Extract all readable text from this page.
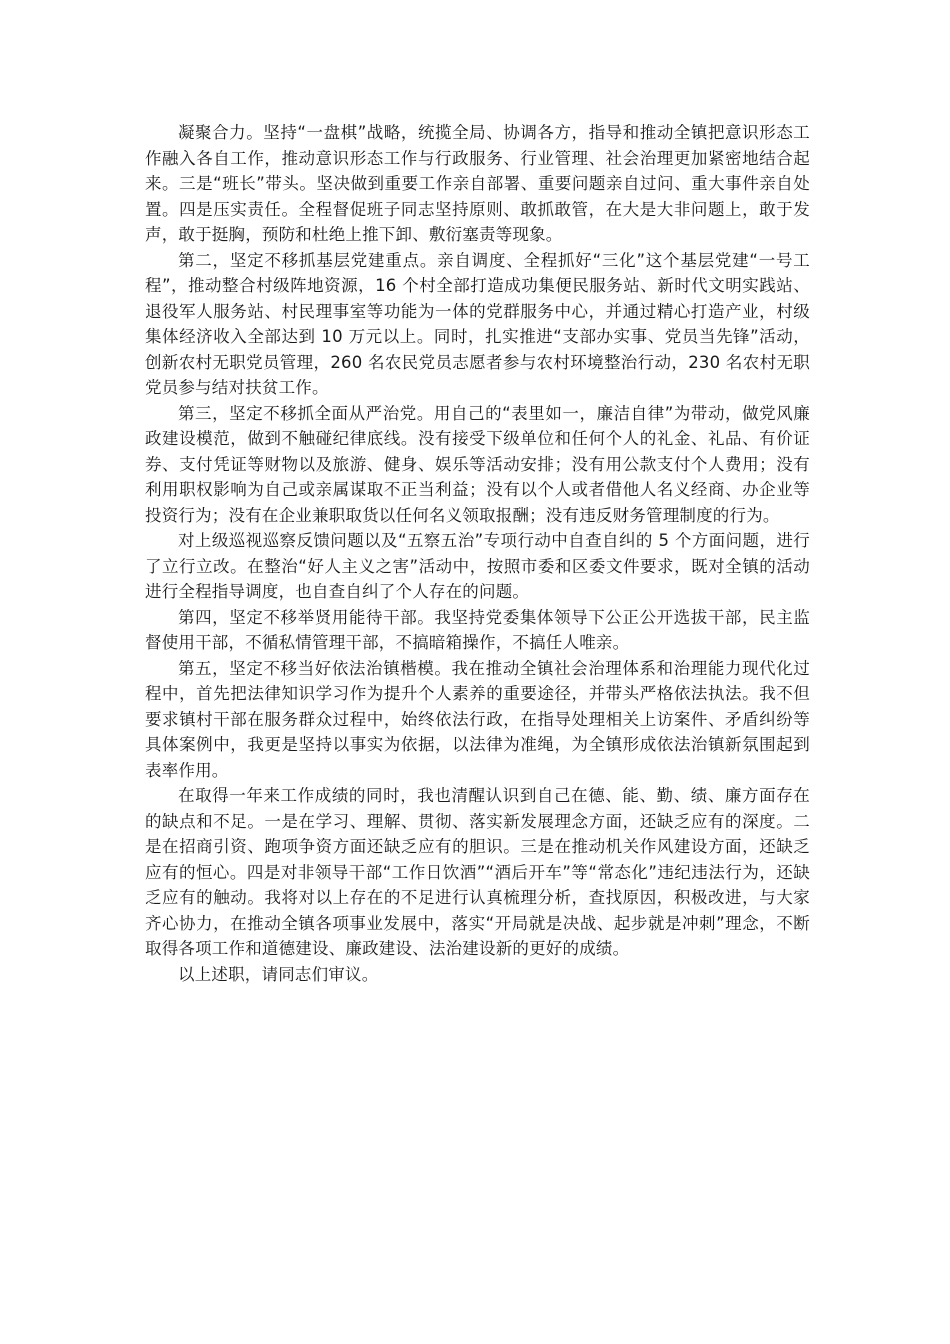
凝聚合力。坚持“一盘棋”战略，统揽全局、协调各方，指导和推动全镇把意识形态工作融入各自工作，推动意识形态工作与行政服务、行业管理、社会治理更加紧密地结合起来。三是“班长”带头。坚决做到重要工作亲自部署、重要问题亲自过问、重大事件亲自处置。四是压实责任。全程督促班子同志坚持原则、敢抓敢管，在大是大非问题上，敢于发声，敢于挺胸，预防和杜绝上推下卸、敷衍塞责等现象。

第二，坚定不移抓基层党建重点。亲自调度、全程抓好“三化”这个基层党建“一号工程”，推动整合村级阵地资源，16 个村全部打造成功集便民服务站、新时代文明实践站、退役军人服务站、村民理事室等功能为一体的党群服务中心，并通过精心打造产业，村级集体经济收入全部达到 10 万元以上。同时，扎实推进“支部办实事、党员当先锋”活动，创新农村无职党员管理，260 名农民党员志愿者参与农村环境整治行动，230 名农村无职党员参与结对扶贫工作。

第三，坚定不移抓全面从严治党。用自己的“表里如一，廉洁自律”为带动，做党风廉政建设模范，做到不触碰纪律底线。没有接受下级单位和任何个人的礼金、礼品、有价证券、支付凭证等财物以及旅游、健身、娱乐等活动安排；没有用公款支付个人费用；没有利用职权影响为自己或亲属谋取不正当利益；没有以个人或者借他人名义经商、办企业等投资行为；没有在企业兼职取货以任何名义领取报酬；没有违反财务管理制度的行为。

对上级巡视巡察反馈问题以及“五察五治”专项行动中自查自纠的 5 个方面问题，进行了立行立改。在整治“好人主义之害”活动中，按照市委和区委文件要求，既对全镇的活动进行全程指导调度，也自查自纠了个人存在的问题。

第四，坚定不移举贤用能待干部。我坚持党委集体领导下公正公开选拔干部，民主监督使用干部，不循私情管理干部，不搞暗箱操作，不搞任人唯亲。

第五，坚定不移当好依法治镇楷模。我在推动全镇社会治理体系和治理能力现代化过程中，首先把法律知识学习作为提升个人素养的重要途径，并带头严格依法执法。我不但要求镇村干部在服务群众过程中，始终依法行政，在指导处理相关上访案件、矛盾纠纷等具体案例中，我更是坚持以事实为依据，以法律为准绳，为全镇形成依法治镇新氛围起到表率作用。

在取得一年来工作成绩的同时，我也清醒认识到自己在德、能、勤、绩、廉方面存在的缺点和不足。一是在学习、理解、贯彻、落实新发展理念方面，还缺乏应有的深度。二是在招商引资、跑项争资方面还缺乏应有的胆识。三是在推动机关作风建设方面，还缺乏应有的恒心。四是对非领导干部“工作日饮酒”“酒后开车”等“常态化”违纪违法行为，还缺乏应有的触动。我将对以上存在的不足进行认真梳理分析，查找原因，积极改进，与大家齐心协力，在推动全镇各项事业发展中，落实“开局就是决战、起步就是冲刺”理念，不断取得各项工作和道德建设、廉政建设、法治建设新的更好的成绩。

以上述职，请同志们审议。
